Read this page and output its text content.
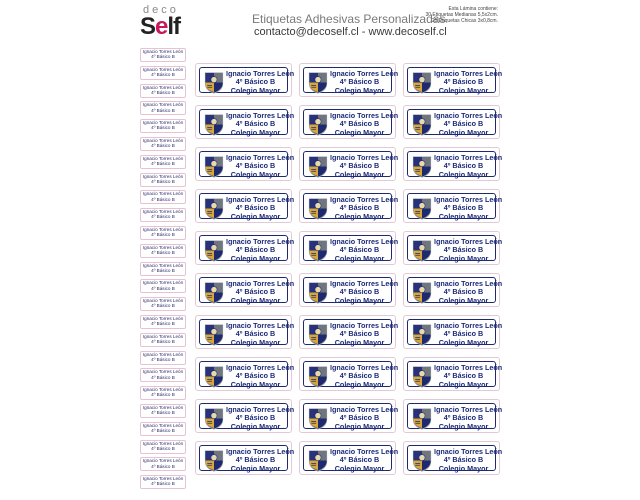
deco
Self	Etiquetas Adhesivas Personalizadas
contacto@decoself.cl - www.decoself.cl
Esta Lámina contiene:
30 Etiquetas Medianas 5,5x2cm.
25 Etiquetas Chicas 3x0,8cm.
Ignacio Torres León
4º Básico B
Ignacio Torres León
4º Básico B
Ignacio Torres León
4º Básico B
Ignacio Torres León
4º Básico B
Ignacio Torres León
4º Básico B
Ignacio Torres León
4º Básico B
Ignacio Torres León
4º Básico B
Ignacio Torres León
4º Básico B
Ignacio Torres León
4º Básico B
Ignacio Torres León
4º Básico B
Ignacio Torres León
4º Básico B
Ignacio Torres León
4º Básico B
Ignacio Torres León
4º Básico B
Ignacio Torres León
4º Básico B
Ignacio Torres León
4º Básico B
Ignacio Torres León
4º Básico B
Ignacio Torres León
4º Básico B
Ignacio Torres León
4º Básico B
Ignacio Torres León
4º Básico B
Ignacio Torres León
4º Básico B
Ignacio Torres León
4º Básico B
Ignacio Torres León
4º Básico B
Ignacio Torres León
4º Básico B
Ignacio Torres León
4º Básico B
Ignacio Torres León
4º Básico B
Ignacio Torres León
4º Básico B
Colegio Mayor
Ignacio Torres León
4º Básico B
Colegio Mayor
Ignacio Torres León
4º Básico B
Colegio Mayor
Ignacio Torres León
4º Básico B
Colegio Mayor
Ignacio Torres León
4º Básico B
Colegio Mayor
Ignacio Torres León
4º Básico B
Colegio Mayor
Ignacio Torres León
4º Básico B
Colegio Mayor
Ignacio Torres León
4º Básico B
Colegio Mayor
Ignacio Torres León
4º Básico B
Colegio Mayor
Ignacio Torres León
4º Básico B
Colegio Mayor
Ignacio Torres León
4º Básico B
Colegio Mayor
Ignacio Torres León
4º Básico B
Colegio Mayor
Ignacio Torres León
4º Básico B
Colegio Mayor
Ignacio Torres León
4º Básico B
Colegio Mayor
Ignacio Torres León
4º Básico B
Colegio Mayor
Ignacio Torres León
4º Básico B
Colegio Mayor
Ignacio Torres León
4º Básico B
Colegio Mayor
Ignacio Torres León
4º Básico B
Colegio Mayor
Ignacio Torres León
4º Básico B
Colegio Mayor
Ignacio Torres León
4º Básico B
Colegio Mayor
Ignacio Torres León
4º Básico B
Colegio Mayor
Ignacio Torres León
4º Básico B
Colegio Mayor
Ignacio Torres León
4º Básico B
Colegio Mayor
Ignacio Torres León
4º Básico B
Colegio Mayor
Ignacio Torres León
4º Básico B
Colegio Mayor
Ignacio Torres León
4º Básico B
Colegio Mayor
Ignacio Torres León
4º Básico B
Colegio Mayor
Ignacio Torres León
4º Básico B
Colegio Mayor
Ignacio Torres León
4º Básico B
Colegio Mayor
Ignacio Torres León
4º Básico B
Colegio Mayor
